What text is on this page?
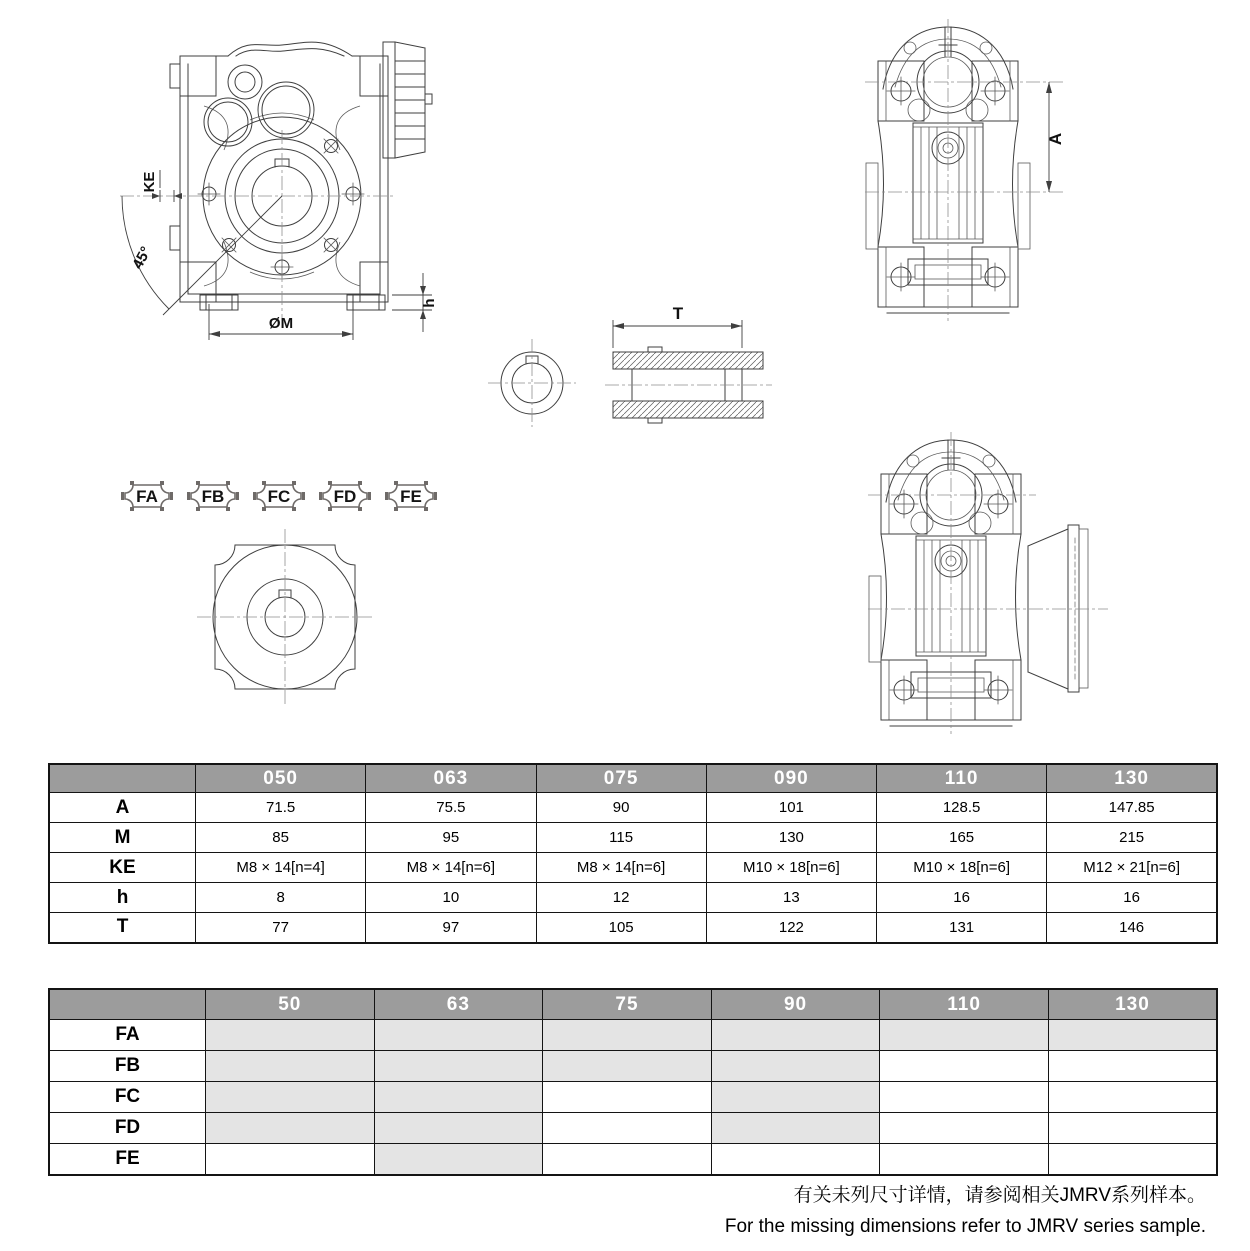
KE
45°
ØM
h
A
T
FA	FB	FC	FD	FE
	050	063	075	090	110	130
A	71.5	75.5	90	101	128.5	147.85
M	85	95	115	130	165	215
KE	M8 × 14[n=4]	M8 × 14[n=6]	M8 × 14[n=6]	M10 × 18[n=6]	M10 × 18[n=6]	M12 × 21[n=6]
h	8	10	12	13	16	16
T	77	97	105	122	131	146
	50	63	75	90	110	130
FA						
FB						
FC						
FD						
FE						
有关未列尺寸详情，请参阅相关JMRV系列样本。
For the missing dimensions refer to JMRV series sample.
